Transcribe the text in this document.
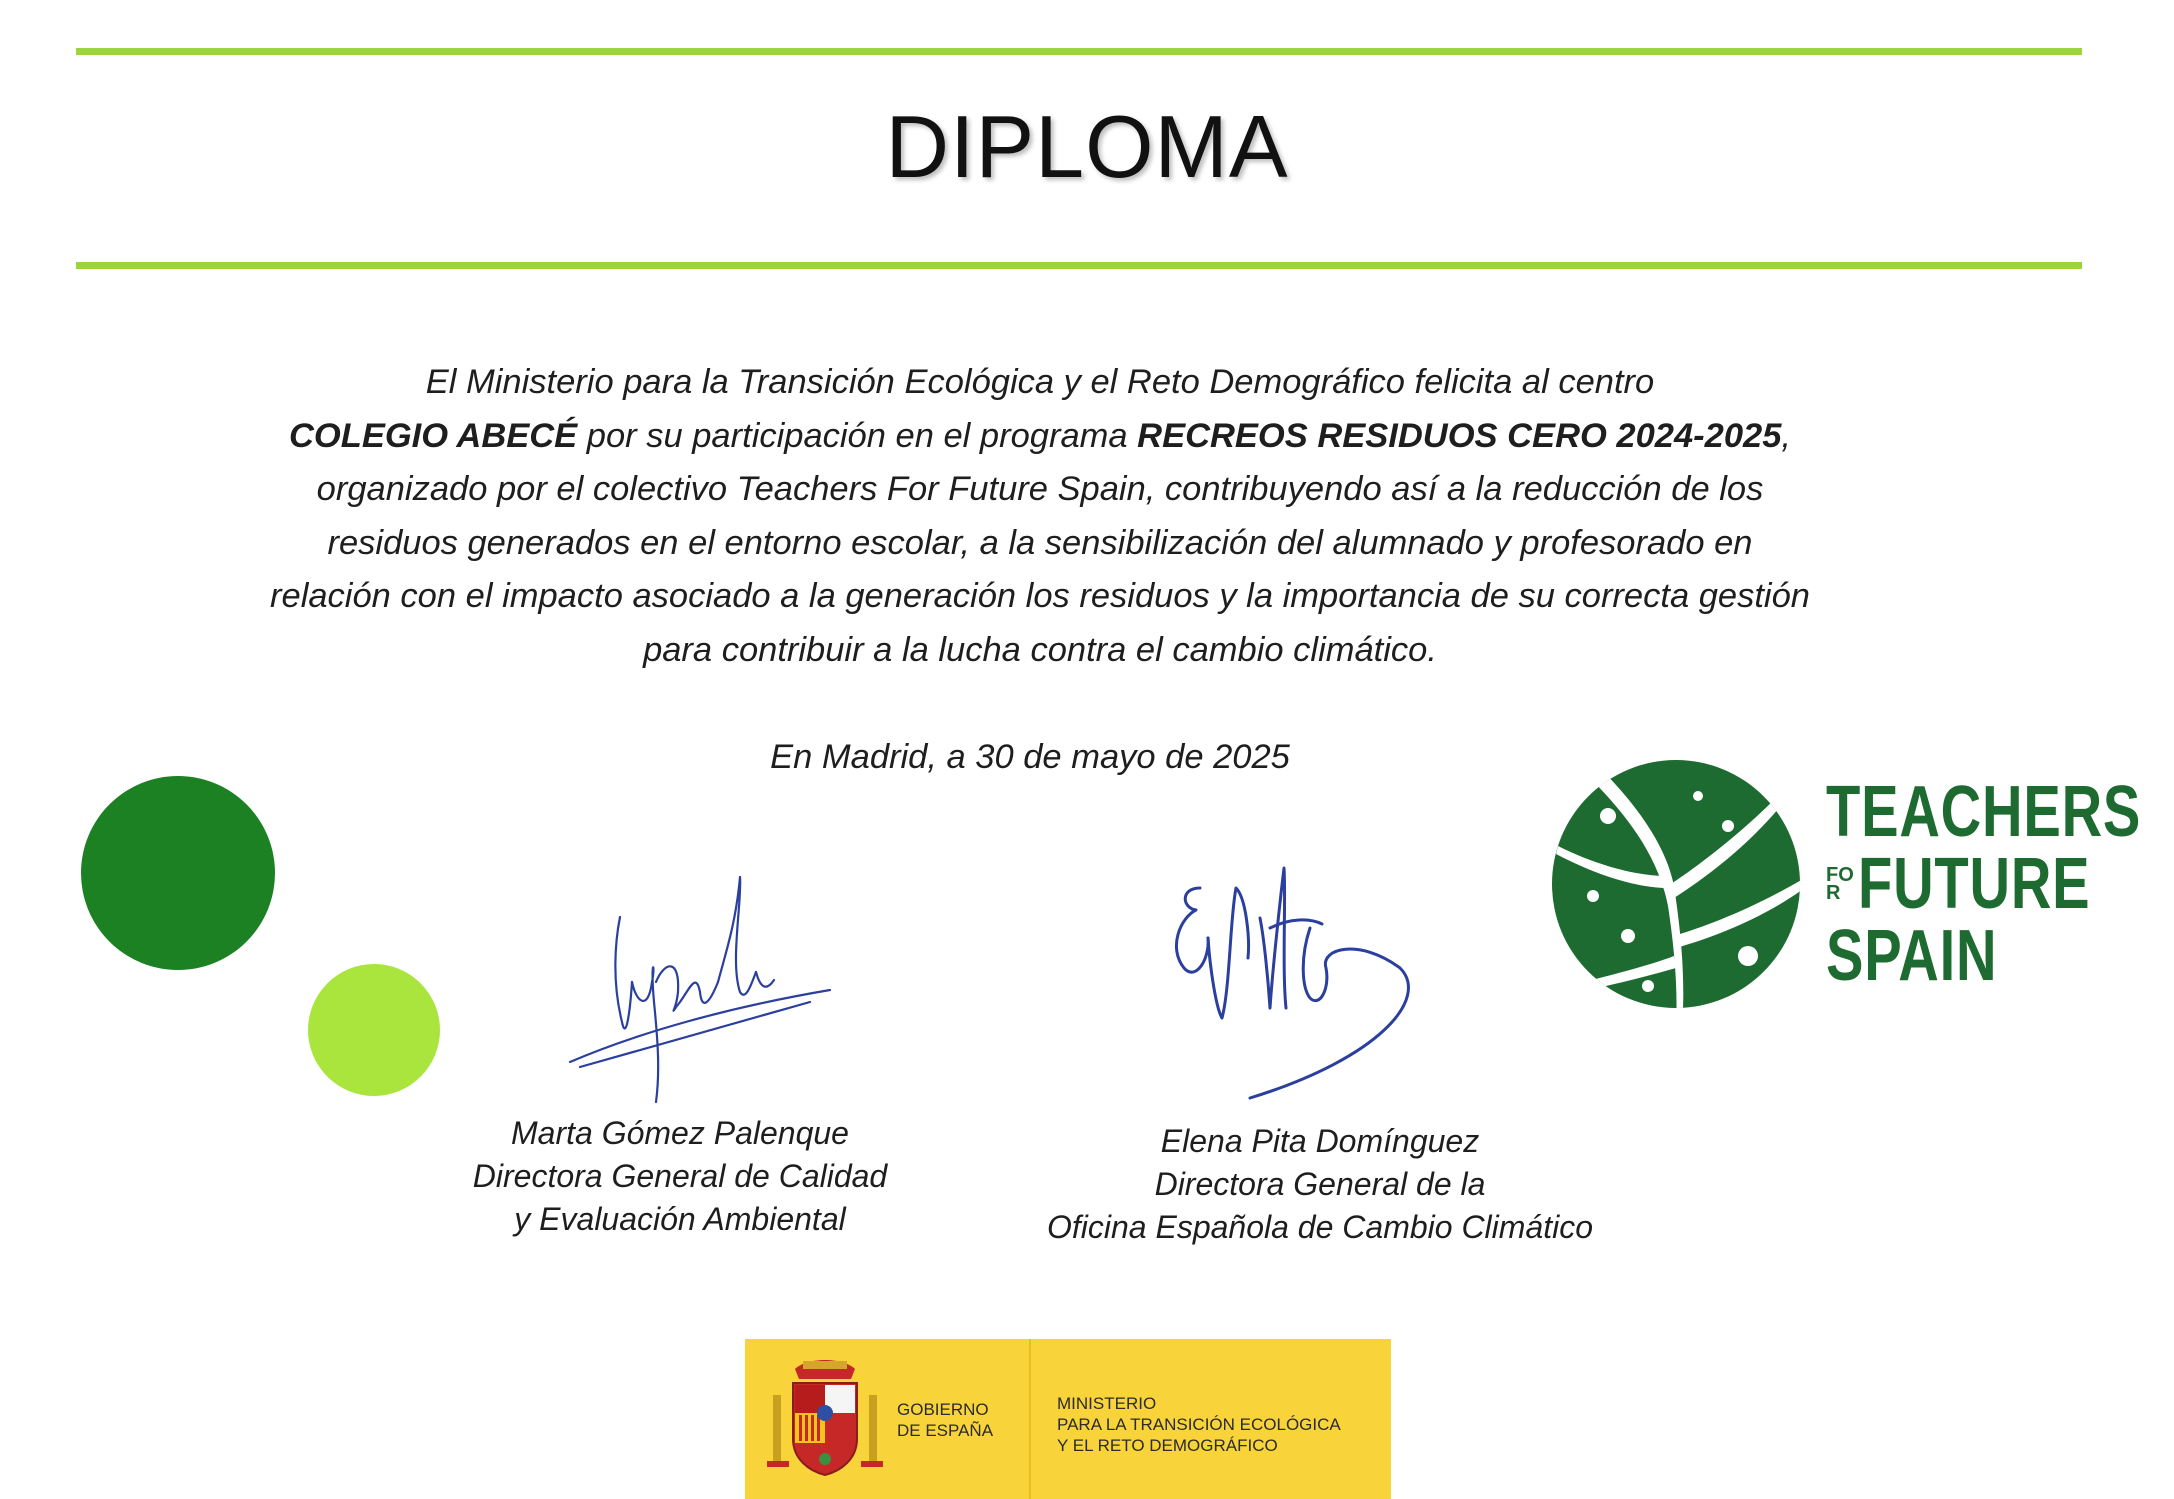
DIPLOMA
El Ministerio para la Transición Ecológica y el Reto Demográfico felicita al centro
COLEGIO ABECÉ por su participación en el programa RECREOS RESIDUOS CERO 2024-2025,
organizado por el colectivo Teachers For Future Spain, contribuyendo así a la reducción de los
residuos generados en el entorno escolar, a la sensibilización del alumnado y profesorado en
relación con el impacto asociado a la generación los residuos y la importancia de su correcta gestión
para contribuir a la lucha contra el cambio climático.
En Madrid, a 30 de mayo de 2025
Marta Gómez Palenque
Directora General de Calidad
y Evaluación Ambiental
Elena Pita Domínguez
Directora General de la
Oficina Española de Cambio Climático
TEACHERS
FO
R FUTURE
SPAIN
GOBIERNO
DE ESPAÑA
MINISTERIO
PARA LA TRANSICIÓN ECOLÓGICA
Y EL RETO DEMOGRÁFICO
